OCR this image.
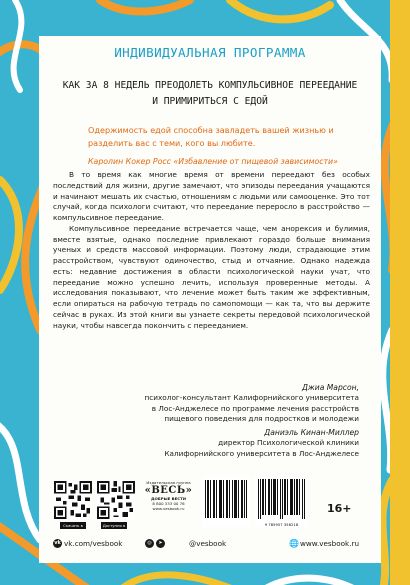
ИНДИВИДУАЛЬНАЯ ПРОГРАММА
КАК ЗА 8 НЕДЕЛЬ ПРЕОДОЛЕТЬ КОМПУЛЬСИВНОЕ ПЕРЕЕДАНИЕ
И ПРИМИРИТЬСЯ С ЕДОЙ
Одержимость едой способна завладеть вашей жизнью и разделить вас с теми, кого вы любите.
Каролин Кокер Росс «Избавление от пищевой зависимости»

В то время как многие время от времени переедают без особых последствий для жизни, другие замечают, что эпизоды переедания учащаются и начинают мешать их счастью, отношениям с людьми или самооценке. Это тот случай, когда психологи считают, что переедание переросло в расстройство — компульсивное переедание.

Компульсивное переедание встречается чаще, чем анорексия и булимия, вместе взятые, однако последние привлекают гораздо больше внимания ученых и средств массовой информации. Поэтому люди, страдающие этим расстройством, чувствуют одиночество, стыд и отчаяние. Однако надежда есть: недавние достижения в области психологической науки учат, что переедание можно успешно лечить, используя проверенные методы. А исследования показывают, что лечение может быть таким же эффективным, если опираться на рабочую тетрадь по самопомощи — как та, что вы держите сейчас в руках. Из этой книги вы узнаете секреты передовой психологической науки, чтобы навсегда покончить с перееданием.

Джиа Марсон,
психолог-консультант Калифорнийского университета
в Лос-Анджелесе по программе лечения расстройств
пищевого поведения для подростков и молодежи
Даниэль Кинан-Миллер
директор Психологической клиники
Калифорнийского университета в Лос-Анджелесе
Скачать в App Store
Доступно в Google Play
Издательская группа
«ВЕСЬ»
ДОБРЫЕ ВЕСТИ
8 800 333 00 76
www.vesbook.ru
9 785957 356218
16+
vk vk.com/vesbook	◎	➤	@vesbook	🌐 www.vesbook.ru
